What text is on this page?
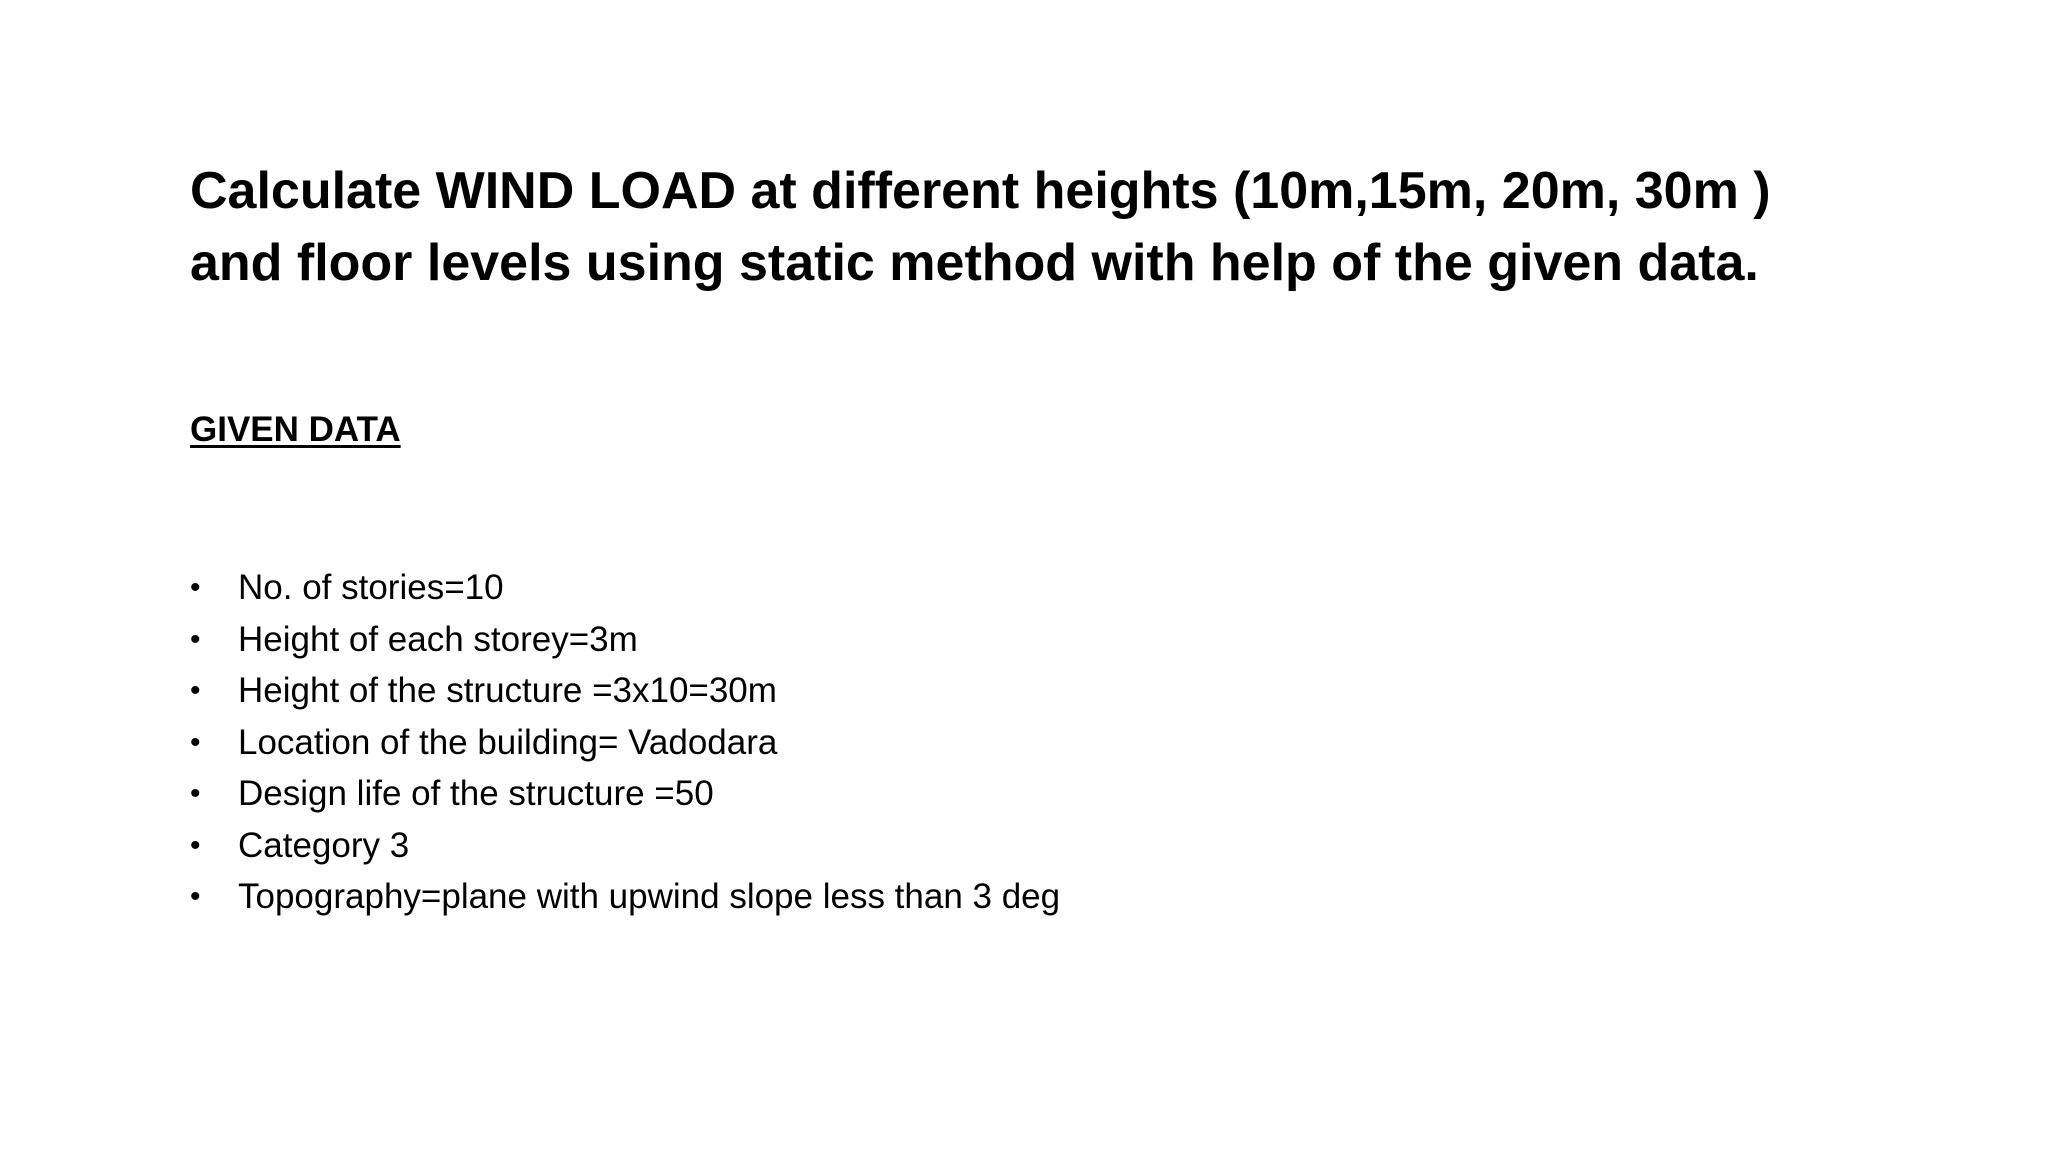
Calculate WIND LOAD at different heights (10m,15m, 20m, 30m )
and floor levels using static method with help of the given data.
GIVEN DATA
•	No. of stories=10
•	Height of each storey=3m
•	Height of the structure =3x10=30m
•	Location of the building= Vadodara
•	Design life of the structure =50
•	Category 3
•	Topography=plane with upwind slope less than 3 deg
